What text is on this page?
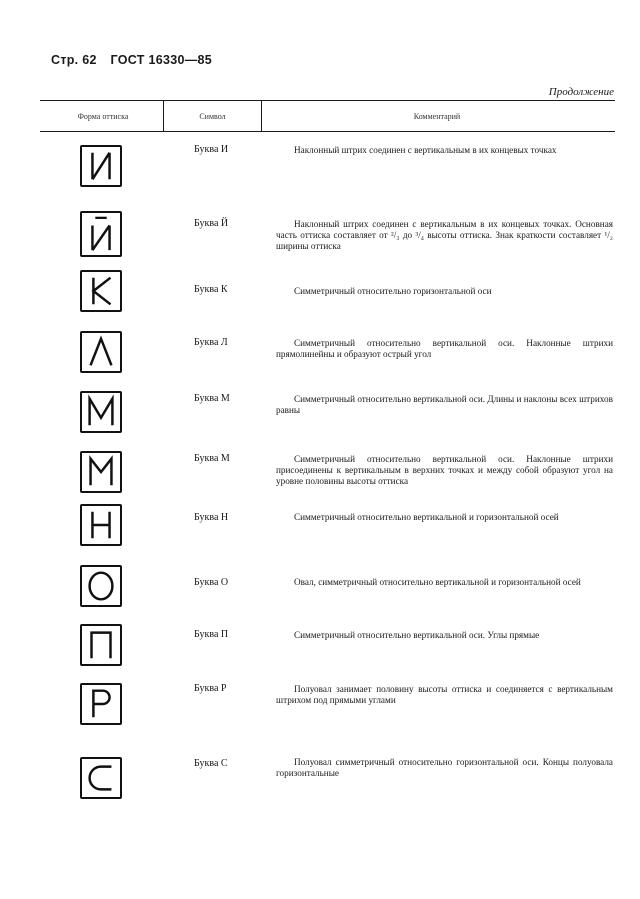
Стр. 62 ГОСТ 16330—85
Продолжение
Форма оттиска	Символ	Комментарий
Буква И	Наклонный штрих соединен с вертикальным в их концевых точках
Буква Й	Наклонный штрих соединен с вертикальным в их концевых точках. Основная часть оттиска составляет от ²/₃ до ³/₄ высоты оттиска. Знак краткости составляет ¹/₂ ширины оттиска
Буква К	Симметричный относительно горизонтальной оси
Буква Л	Симметричный относительно вертикальной оси. Наклонные штрихи прямолинейны и образуют острый угол
Буква М	Симметричный относительно вертикальной оси. Длины и наклоны всех штрихов равны
Буква М	Симметричный относительно вертикальной оси. Наклонные штрихи присоединены к вертикальным в верхних точках и между собой образуют угол на уровне половины высоты оттиска
Буква Н	Симметричный относительно вертикальной и горизонтальной осей
Буква О	Овал, симметричный относительно вертикальной и горизонтальной осей
Буква П	Симметричный относительно вертикальной оси. Углы прямые
Буква Р	Полуовал занимает половину высоты оттиска и соединяется с вертикальным штрихом под прямыми углами
Буква С	Полуовал симметричный относительно горизонтальной оси. Концы полуовала горизонтальные
